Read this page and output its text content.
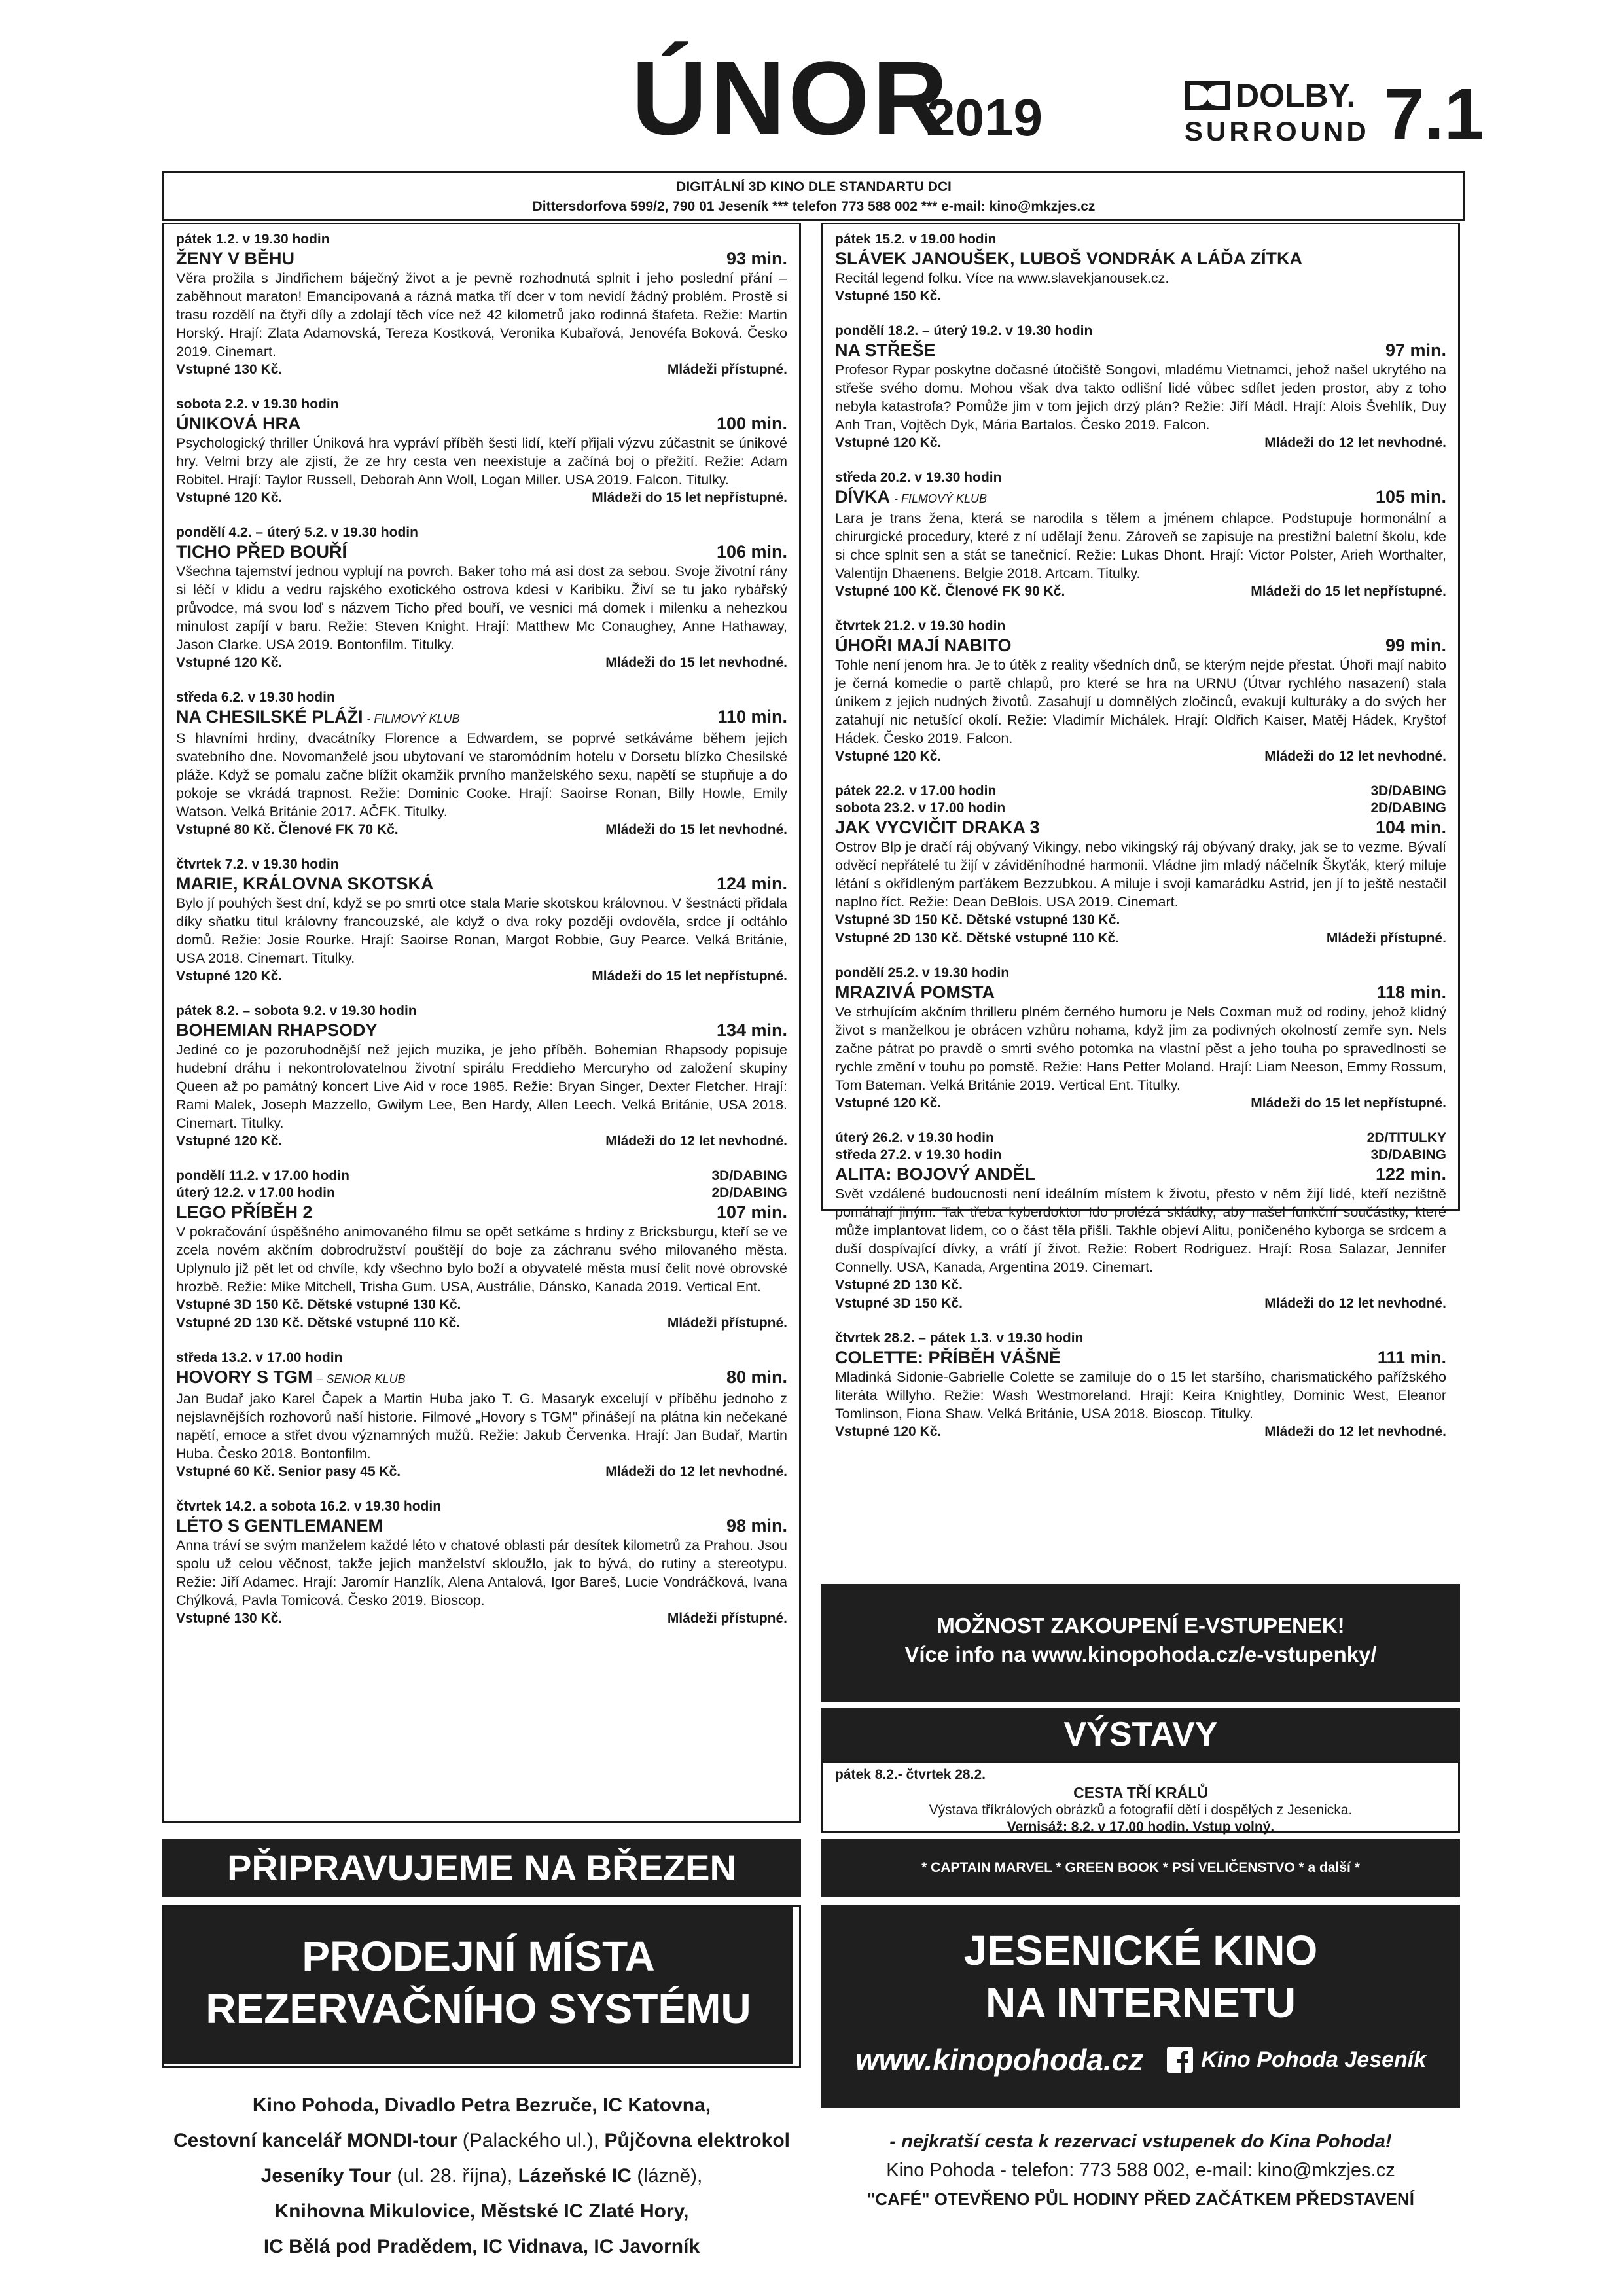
ÚNOR
2019	DOLBY.
SURROUND 7.1
DIGITÁLNÍ 3D KINO DLE STANDARTU DCI
Dittersdorfova 599/2, 790 01 Jeseník *** telefon 773 588 002 *** e-mail: kino@mkzjes.cz
pátek 1.2. v 19.30 hodin
ŽENY V BĚHU	93 min.

Věra prožila s Jindřichem báječný život a je pevně rozhodnutá splnit i jeho poslední přání – zaběhnout maraton! Emancipovaná a rázná matka tří dcer v tom nevidí žádný problém. Prostě si trasu rozdělí na čtyři díly a zdolají těch více než 42 kilometrů jako rodinná štafeta. Režie: Martin Horský. Hrají: Zlata Adamovská, Tereza Kostková, Veronika Kubařová, Jenovéfa Boková. Česko 2019. Cinemart.

Vstupné 130 Kč.	Mládeži přístupné.
sobota 2.2. v 19.30 hodin
ÚNIKOVÁ HRA	100 min.

Psychologický thriller Úniková hra vypráví příběh šesti lidí, kteří přijali výzvu zúčastnit se únikové hry. Velmi brzy ale zjistí, že ze hry cesta ven neexistuje a začíná boj o přežití. Režie: Adam Robitel. Hrají: Taylor Russell, Deborah Ann Woll, Logan Miller. USA 2019. Falcon. Titulky.

Vstupné 120 Kč.	Mládeži do 15 let nepřístupné.
pondělí 4.2. – úterý 5.2. v 19.30 hodin
TICHO PŘED BOUŘÍ	106 min.

Všechna tajemství jednou vyplují na povrch. Baker toho má asi dost za sebou. Svoje životní rány si léčí v klidu a vedru rajského exotického ostrova kdesi v Karibiku. Živí se tu jako rybářský průvodce, má svou loď s názvem Ticho před bouří, ve vesnici má domek i milenku a nehezkou minulost zapíjí v baru. Režie: Steven Knight. Hrají: Matthew Mc Conaughey, Anne Hathaway, Jason Clarke. USA 2019. Bontonfilm. Titulky.

Vstupné 120 Kč.	Mládeži do 15 let nevhodné.
středa 6.2. v 19.30 hodin
NA CHESILSKÉ PLÁŽI - FILMOVÝ KLUB	110 min.

S hlavními hrdiny, dvacátníky Florence a Edwardem, se poprvé setkáváme během jejich svatebního dne. Novomanželé jsou ubytovaní ve staromódním hotelu v Dorsetu blízko Chesilské pláže. Když se pomalu začne blížit okamžik prvního manželského sexu, napětí se stupňuje a do pokoje se vkrádá trapnost. Režie: Dominic Cooke. Hrají: Saoirse Ronan, Billy Howle, Emily Watson. Velká Británie 2017. AČFK. Titulky.

Vstupné 80 Kč. Členové FK 70 Kč.	Mládeži do 15 let nevhodné.
čtvrtek 7.2. v 19.30 hodin
MARIE, KRÁLOVNA SKOTSKÁ	124 min.

Bylo jí pouhých šest dní, když se po smrti otce stala Marie skotskou královnou. V šestnácti přidala díky sňatku titul královny francouzské, ale když o dva roky později ovdověla, srdce jí odtáhlo domů. Režie: Josie Rourke. Hrají: Saoirse Ronan, Margot Robbie, Guy Pearce. Velká Británie, USA 2018. Cinemart. Titulky.

Vstupné 120 Kč.	Mládeži do 15 let nepřístupné.
pátek 8.2. – sobota 9.2. v 19.30 hodin
BOHEMIAN RHAPSODY	134 min.

Jediné co je pozoruhodnější než jejich muzika, je jeho příběh. Bohemian Rhapsody popisuje hudební dráhu i nekontrolovatelnou životní spirálu Freddieho Mercuryho od založení skupiny Queen až po památný koncert Live Aid v roce 1985. Režie: Bryan Singer, Dexter Fletcher. Hrají: Rami Malek, Joseph Mazzello, Gwilym Lee, Ben Hardy, Allen Leech. Velká Británie, USA 2018. Cinemart. Titulky.

Vstupné 120 Kč.	Mládeži do 12 let nevhodné.
pondělí 11.2. v 17.00 hodin	3D/DABING
úterý 12.2. v 17.00 hodin	2D/DABING
LEGO PŘÍBĚH 2	107 min.

V pokračování úspěšného animovaného filmu se opět setkáme s hrdiny z Bricksburgu, kteří se ve zcela novém akčním dobrodružství pouštějí do boje za záchranu svého milovaného města. Uplynulo již pět let od chvíle, kdy všechno bylo boží a obyvatelé města musí čelit nové obrovské hrozbě. Režie: Mike Mitchell, Trisha Gum. USA, Austrálie, Dánsko, Kanada 2019. Vertical Ent.

Vstupné 3D 150 Kč. Dětské vstupné 130 Kč.
Vstupné 2D 130 Kč. Dětské vstupné 110 Kč.	Mládeži přístupné.
středa 13.2. v 17.00 hodin
HOVORY S TGM – SENIOR KLUB	80 min.

Jan Budař jako Karel Čapek a Martin Huba jako T. G. Masaryk excelují v příběhu jednoho z nejslavnějších rozhovorů naší historie. Filmové „Hovory s TGM" přinášejí na plátna kin nečekané napětí, emoce a střet dvou významných mužů. Režie: Jakub Červenka. Hrají: Jan Budař, Martin Huba. Česko 2018. Bontonfilm.

Vstupné 60 Kč. Senior pasy 45 Kč.	Mládeži do 12 let nevhodné.
čtvrtek 14.2. a sobota 16.2. v 19.30 hodin
LÉTO S GENTLEMANEM	98 min.

Anna tráví se svým manželem každé léto v chatové oblasti pár desítek kilometrů za Prahou. Jsou spolu už celou věčnost, takže jejich manželství skloužlo, jak to bývá, do rutiny a stereotypu. Režie: Jiří Adamec. Hrají: Jaromír Hanzlík, Alena Antalová, Igor Bareš, Lucie Vondráčková, Ivana Chýlková, Pavla Tomicová. Česko 2019. Bioscop.

Vstupné 130 Kč.	Mládeži přístupné.
pátek 15.2. v 19.00 hodin
SLÁVEK JANOUŠEK, LUBOŠ VONDRÁK A LÁĎA ZÍTKA

Recitál legend folku. Více na www.slavekjanousek.cz.

Vstupné 150 Kč.
pondělí 18.2. – úterý 19.2. v 19.30 hodin
NA STŘEŠE	97 min.

Profesor Rypar poskytne dočasné útočiště Songovi, mladému Vietnamci, jehož našel ukrytého na střeše svého domu. Mohou však dva takto odlišní lidé vůbec sdílet jeden prostor, aby z toho nebyla katastrofa? Pomůže jim v tom jejich drzý plán? Režie: Jiří Mádl. Hrají: Alois Švehlík, Duy Anh Tran, Vojtěch Dyk, Mária Bartalos. Česko 2019. Falcon.

Vstupné 120 Kč.	Mládeži do 12 let nevhodné.
středa 20.2. v 19.30 hodin
DÍVKA - FILMOVÝ KLUB	105 min.

Lara je trans žena, která se narodila s tělem a jménem chlapce. Podstupuje hormonální a chirurgické procedury, které z ní udělají ženu. Zároveň se zapisuje na prestižní baletní školu, kde si chce splnit sen a stát se tanečnicí. Režie: Lukas Dhont. Hrají: Victor Polster, Arieh Worthalter, Valentijn Dhaenens. Belgie 2018. Artcam. Titulky.

Vstupné 100 Kč. Členové FK 90 Kč.	Mládeži do 15 let nepřístupné.
čtvrtek 21.2. v 19.30 hodin
ÚHOŘI MAJÍ NABITO	99 min.

Tohle není jenom hra. Je to útěk z reality všedních dnů, se kterým nejde přestat. Úhoři mají nabito je černá komedie o partě chlapů, pro které se hra na URNU (Útvar rychlého nasazení) stala únikem z jejich nudných životů. Zasahují u domnělých zločinců, evakují kulturáky a do svých her zatahují nic netušící okolí. Režie: Vladimír Michálek. Hrají: Oldřich Kaiser, Matěj Hádek, Kryštof Hádek. Česko 2019. Falcon.

Vstupné 120 Kč.	Mládeži do 12 let nevhodné.
pátek 22.2. v 17.00 hodin	3D/DABING
sobota 23.2. v 17.00 hodin	2D/DABING
JAK VYCVIČIT DRAKA 3	104 min.

Ostrov Blp je dračí ráj obývaný Vikingy, nebo vikingský ráj obývaný draky, jak se to vezme. Bývalí odvěcí nepřátelé tu žijí v záviděníhodné harmonii. Vládne jim mladý náčelník Škyťák, který miluje létání s okřídleným parťákem Bezzubkou. A miluje i svoji kamarádku Astrid, jen jí to ještě nestačil naplno říct. Režie: Dean DeBlois. USA 2019. Cinemart.

Vstupné 3D 150 Kč. Dětské vstupné 130 Kč.
Vstupné 2D 130 Kč. Dětské vstupné 110 Kč.	Mládeži přístupné.
pondělí 25.2. v 19.30 hodin
MRAZIVÁ POMSTA	118 min.

Ve strhujícím akčním thrilleru plném černého humoru je Nels Coxman muž od rodiny, jehož klidný život s manželkou je obrácen vzhůru nohama, když jim za podivných okolností zemře syn. Nels začne pátrat po pravdě o smrti svého potomka na vlastní pěst a jeho touha po spravedlnosti se rychle změní v touhu po pomstě. Režie: Hans Petter Moland. Hrají: Liam Neeson, Emmy Rossum, Tom Bateman. Velká Británie 2019. Vertical Ent. Titulky.

Vstupné 120 Kč.	Mládeži do 15 let nepřístupné.
úterý 26.2. v 19.30 hodin	2D/TITULKY
středa 27.2. v 19.30 hodin	3D/DABING
ALITA: BOJOVÝ ANDĚL	122 min.

Svět vzdálené budoucnosti není ideálním místem k životu, přesto v něm žijí lidé, kteří nezištně pomáhají jiným. Tak třeba kyberdoktor Ido prolézá skládky, aby našel funkční součástky, které může implantovat lidem, co o část těla přišli. Takhle objeví Alitu, poničeného kyborga se srdcem a duší dospívající dívky, a vrátí jí život. Režie: Robert Rodriguez. Hrají: Rosa Salazar, Jennifer Connelly. USA, Kanada, Argentina 2019. Cinemart.

Vstupné 2D 130 Kč.
Vstupné 3D 150 Kč.	Mládeži do 12 let nevhodné.
čtvrtek 28.2. – pátek 1.3. v 19.30 hodin
COLETTE: PŘÍBĚH VÁŠNĚ	111 min.

Mladinká Sidonie-Gabrielle Colette se zamiluje do o 15 let staršího, charismatického pařížského literáta Willyho. Režie: Wash Westmoreland. Hrají: Keira Knightley, Dominic West, Eleanor Tomlinson, Fiona Shaw. Velká Británie, USA 2018. Bioscop. Titulky.

Vstupné 120 Kč.	Mládeži do 12 let nevhodné.
MOŽNOST ZAKOUPENÍ E-VSTUPENEK!
Více info na www.kinopohoda.cz/e-vstupenky/
VÝSTAVY
pátek 8.2.- čtvrtek 28.2.
CESTA TŘÍ KRÁLŮ
Výstava tříkrálových obrázků a fotografií dětí i dospělých z Jesenicka.
Vernisáž: 8.2. v 17.00 hodin. Vstup volný.
PŘIPRAVUJEME NA BŘEZEN	* CAPTAIN MARVEL * GREEN BOOK * PSÍ VELIČENSTVO * a další *
PRODEJNÍ MÍSTA
REZERVAČNÍHO SYSTÉMU
JESENICKÉ KINO
NA INTERNETU
www.kinopohoda.cz	Kino Pohoda Jeseník
Kino Pohoda, Divadlo Petra Bezruče, IC Katovna,
Cestovní kancelář MONDI-tour (Palackého ul.), Půjčovna elektrokol
Jeseníky Tour (ul. 28. října), Lázeňské IC (lázně),
Knihovna Mikulovice, Městské IC Zlaté Hory,
IC Bělá pod Pradědem, IC Vidnava, IC Javorník
- nejkratší cesta k rezervaci vstupenek do Kina Pohoda!
Kino Pohoda - telefon: 773 588 002, e-mail: kino@mkzjes.cz
"CAFÉ" OTEVŘENO PŮL HODINY PŘED ZAČÁTKEM PŘEDSTAVENÍ
